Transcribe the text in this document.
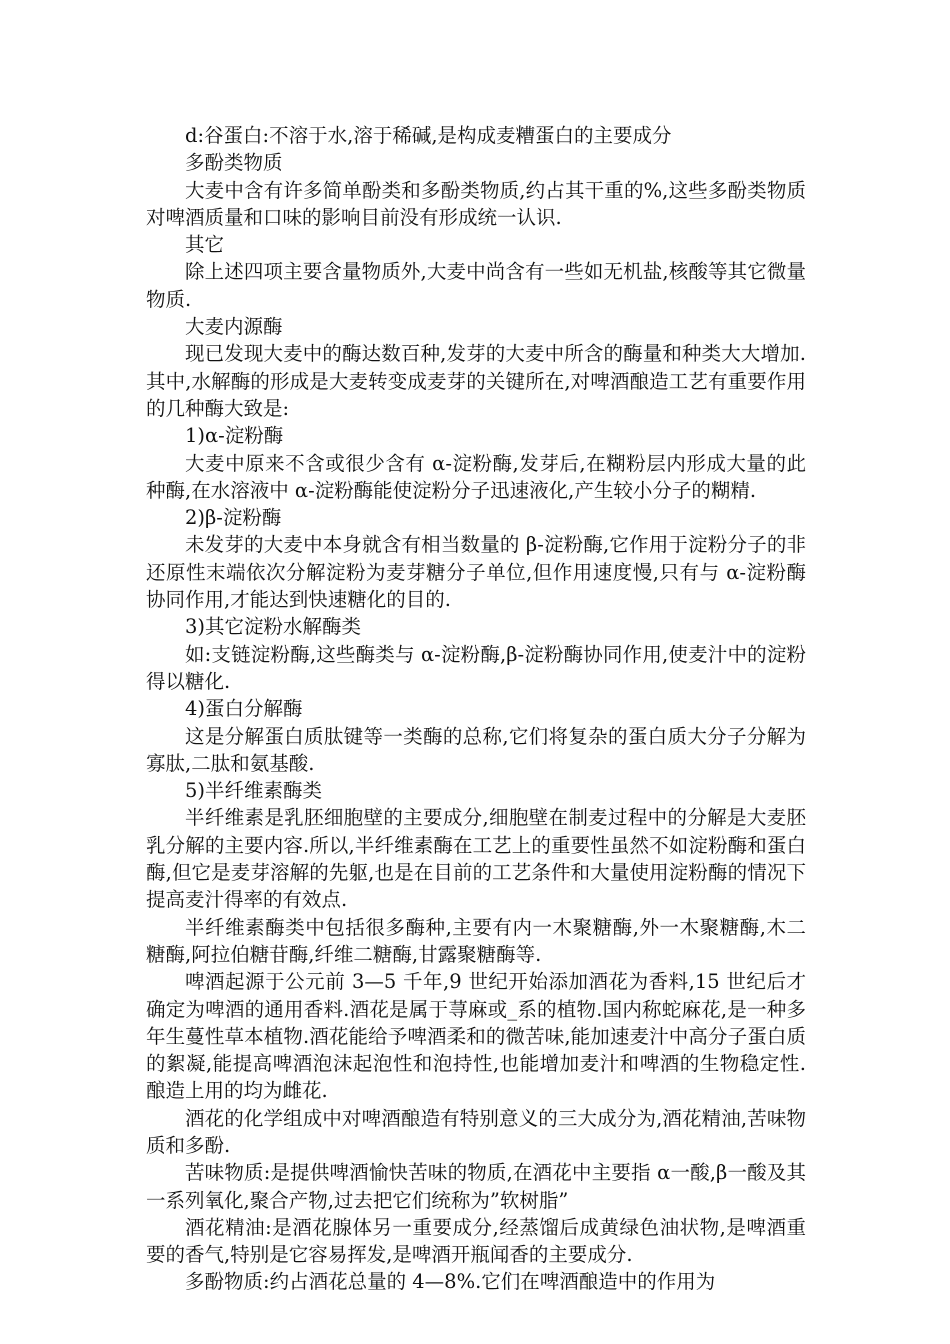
d:谷蛋白:不溶于水,溶于稀碱,是构成麦糟蛋白的主要成分

多酚类物质

大麦中含有许多简单酚类和多酚类物质,约占其干重的%,这些多酚类物质对啤酒质量和口味的影响目前没有形成统一认识.

其它

除上述四项主要含量物质外,大麦中尚含有一些如无机盐,核酸等其它微量物质.

大麦内源酶

现已发现大麦中的酶达数百种,发芽的大麦中所含的酶量和种类大大增加.其中,水解酶的形成是大麦转变成麦芽的关键所在,对啤酒酿造工艺有重要作用的几种酶大致是:

1)α-淀粉酶

大麦中原来不含或很少含有 α-淀粉酶,发芽后,在糊粉层内形成大量的此种酶,在水溶液中 α-淀粉酶能使淀粉分子迅速液化,产生较小分子的糊精.

2)β-淀粉酶

未发芽的大麦中本身就含有相当数量的 β-淀粉酶,它作用于淀粉分子的非还原性末端依次分解淀粉为麦芽糖分子单位,但作用速度慢,只有与 α-淀粉酶协同作用,才能达到快速糖化的目的.

3)其它淀粉水解酶类

如:支链淀粉酶,这些酶类与 α-淀粉酶,β-淀粉酶协同作用,使麦汁中的淀粉得以糖化.

4)蛋白分解酶

这是分解蛋白质肽键等一类酶的总称,它们将复杂的蛋白质大分子分解为寡肽,二肽和氨基酸.

5)半纤维素酶类

半纤维素是乳胚细胞壁的主要成分,细胞壁在制麦过程中的分解是大麦胚乳分解的主要内容.所以,半纤维素酶在工艺上的重要性虽然不如淀粉酶和蛋白酶,但它是麦芽溶解的先躯,也是在目前的工艺条件和大量使用淀粉酶的情况下提高麦汁得率的有效点.

半纤维素酶类中包括很多酶种,主要有内一木聚糖酶,外一木聚糖酶,木二糖酶,阿拉伯糖苷酶,纤维二糖酶,甘露聚糖酶等.

啤酒起源于公元前 3—5 千年,9 世纪开始添加酒花为香料,15 世纪后才确定为啤酒的通用香料.酒花是属于荨麻或_系的植物.国内称蛇麻花,是一种多年生蔓性草本植物.酒花能给予啤酒柔和的微苦味,能加速麦汁中高分子蛋白质的絮凝,能提高啤酒泡沫起泡性和泡持性,也能增加麦汁和啤酒的生物稳定性.酿造上用的均为雌花.

酒花的化学组成中对啤酒酿造有特别意义的三大成分为,酒花精油,苦味物质和多酚.

苦味物质:是提供啤酒愉快苦味的物质,在酒花中主要指 α一酸,β一酸及其一系列氧化,聚合产物,过去把它们统称为”软树脂”

酒花精油:是酒花腺体另一重要成分,经蒸馏后成黄绿色油状物,是啤酒重要的香气,特别是它容易挥发,是啤酒开瓶闻香的主要成分.

多酚物质:约占酒花总量的 4—8%.它们在啤酒酿造中的作用为
